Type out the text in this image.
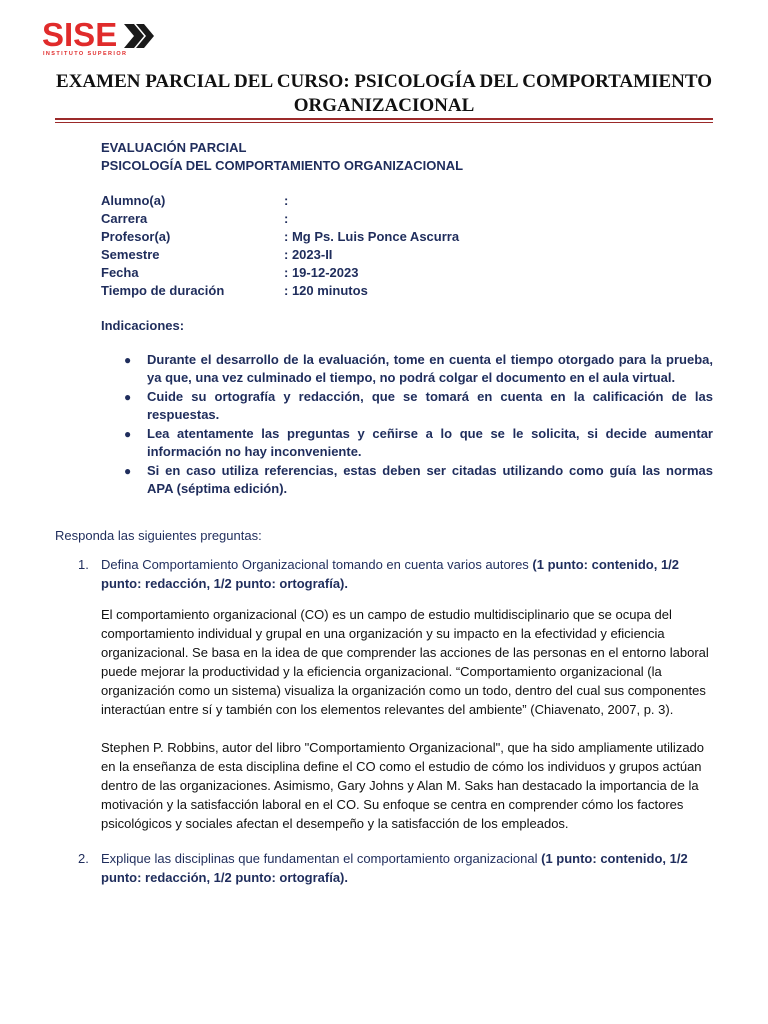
SISE
INSTITUTO SUPERIOR
EXAMEN PARCIAL DEL CURSO: PSICOLOGÍA DEL COMPORTAMIENTO ORGANIZACIONAL
EVALUACIÓN PARCIAL
PSICOLOGÍA DEL COMPORTAMIENTO ORGANIZACIONAL
Alumno(a)	:
Carrera	:
Profesor(a)	: Mg Ps. Luis Ponce Ascurra
Semestre	: 2023-II
Fecha	: 19-12-2023
Tiempo de duración	: 120 minutos
Indicaciones:
● Durante el desarrollo de la evaluación, tome en cuenta el tiempo otorgado para la prueba, ya que, una vez culminado el tiempo, no podrá colgar el documento en el aula virtual.
● Cuide su ortografía y redacción, que se tomará en cuenta en la calificación de las respuestas.
● Lea atentamente las preguntas y ceñirse a lo que se le solicita, si decide aumentar información no hay inconveniente.
● Si en caso utiliza referencias, estas deben ser citadas utilizando como guía las normas APA (séptima edición).
Responda las siguientes preguntas:
1. Defina Comportamiento Organizacional tomando en cuenta varios autores (1 punto: contenido, 1/2 punto: redacción, 1/2 punto: ortografía).

El comportamiento organizacional (CO) es un campo de estudio multidisciplinario que se ocupa del comportamiento individual y grupal en una organización y su impacto en la efectividad y eficiencia organizacional. Se basa en la idea de que comprender las acciones de las personas en el entorno laboral puede mejorar la productividad y la eficiencia organizacional. “Comportamiento organizacional (la organización como un sistema) visualiza la organización como un todo, dentro del cual sus componentes interactúan entre sí y también con los elementos relevantes del ambiente” (Chiavenato, 2007, p. 3).

Stephen P. Robbins, autor del libro "Comportamiento Organizacional", que ha sido ampliamente utilizado en la enseñanza de esta disciplina define el CO como el estudio de cómo los individuos y grupos actúan dentro de las organizaciones. Asimismo, Gary Johns y Alan M. Saks han destacado la importancia de la motivación y la satisfacción laboral en el CO. Su enfoque se centra en comprender cómo los factores psicológicos y sociales afectan el desempeño y la satisfacción de los empleados.

2. Explique las disciplinas que fundamentan el comportamiento organizacional (1 punto: contenido, 1/2 punto: redacción, 1/2 punto: ortografía).
